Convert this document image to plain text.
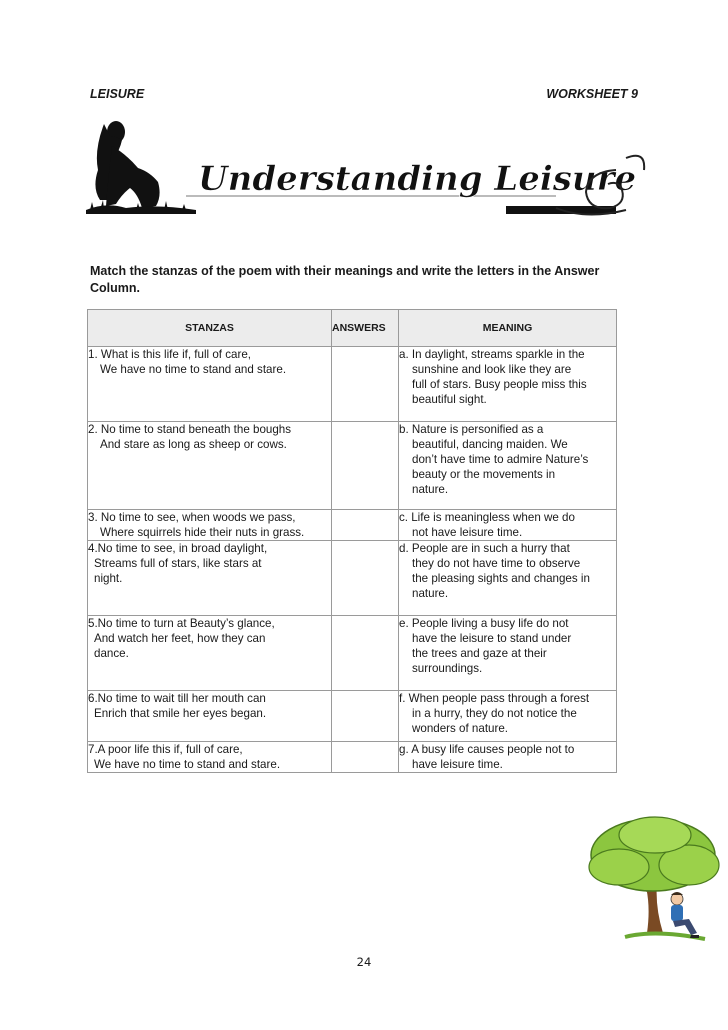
LEISURE	WORKSHEET 9
Understanding Leisure
Match the stanzas of the poem with their meanings and write the letters in the Answer Column.
STANZAS	ANSWERS	MEANING

1. What is this life if, full of care,
We have no time to stand and stare.		a. In daylight, streams sparkle in the
sunshine and look like they are
full of stars. Busy people miss this
beautiful sight.

2. No time to stand beneath the boughs
And stare as long as sheep or cows.		b. Nature is personified as a
beautiful, dancing maiden. We
don’t have time to admire Nature’s
beauty or the movements in
nature.

3. No time to see, when woods we pass,
Where squirrels hide their nuts in grass.		c. Life is meaningless when we do
not have leisure time.

4.No time to see, in broad daylight,
Streams full of stars, like stars at
night.		d. People are in such a hurry that
they do not have time to observe
the pleasing sights and changes in
nature.

5.No time to turn at Beauty’s glance,
And watch her feet, how they can
dance.		e. People living a busy life do not
have the leisure to stand under
the trees and gaze at their
surroundings.

6.No time to wait till her mouth can
Enrich that smile her eyes began.		f. When people pass through a forest
in a hurry, they do not notice the
wonders of nature.

7.A poor life this if, full of care,
We have no time to stand and stare.		g. A busy life causes people not to
have leisure time.
24
